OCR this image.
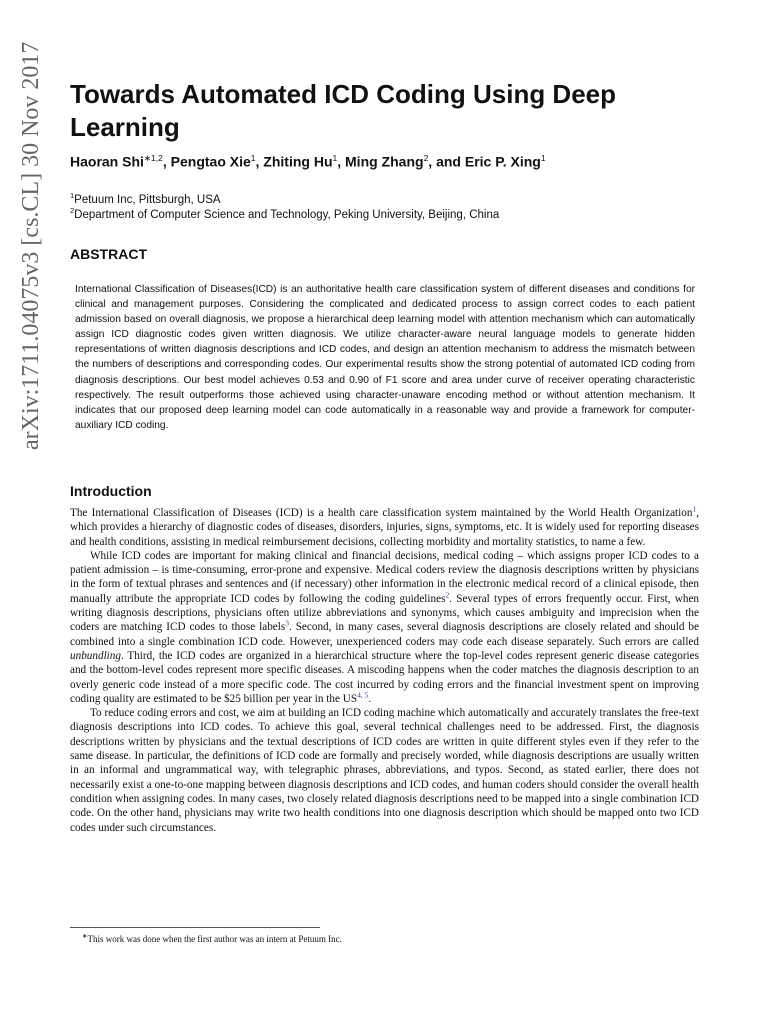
arXiv:1711.04075v3 [cs.CL] 30 Nov 2017 Towards Automated ICD Coding Using Deep Learning
Haoran Shi$^{∗1,2}$, Pengtao Xie$^1$, Zhiting Hu$^1$, Ming Zhang$^2$, and Eric P. Xing$^1$
$^1$Petuum Inc, Pittsburgh, USA
$^2$Department of Computer Science and Technology, Peking University, Beijing, China
ABSTRACT
International Classification of Diseases(ICD) is an authoritative health care classification system of different diseases and conditions for clinical and management purposes. Considering the complicated and dedicated process to assign correct codes to each patient admission based on overall diagnosis, we propose a hierarchical deep learning model with attention mechanism which can automatically assign ICD diagnostic codes given written diagnosis. We utilize character-aware neural language models to generate hidden representations of written diagnosis descriptions and ICD codes, and design an attention mechanism to address the mismatch between the numbers of descriptions and corresponding codes. Our experimental results show the strong potential of automated ICD coding from diagnosis descriptions. Our best model achieves 0.53 and 0.90 of F1 score and area under curve of receiver operating characteristic respectively. The result outperforms those achieved using character-unaware encoding method or without attention mechanism. It indicates that our proposed deep learning model can code automatically in a reasonable way and provide a framework for computer-auxiliary ICD coding.
Introduction

The International Classification of Diseases (ICD) is a health care classification system maintained by the World Health Organization$^1$, which provides a hierarchy of diagnostic codes of diseases, disorders, injuries, signs, symptoms, etc. It is widely used for reporting diseases and health conditions, assisting in medical reimbursement decisions, collecting morbidity and mortality statistics, to name a few.

While ICD codes are important for making clinical and financial decisions, medical coding – which assigns proper ICD codes to a patient admission – is time-consuming, error-prone and expensive. Medical coders review the diagnosis descriptions written by physicians in the form of textual phrases and sentences and (if necessary) other information in the electronic medical record of a clinical episode, then manually attribute the appropriate ICD codes by following the coding guidelines$^2$. Several types of errors frequently occur. First, when writing diagnosis descriptions, physicians often utilize abbreviations and synonyms, which causes ambiguity and imprecision when the coders are matching ICD codes to those labels$^3$. Second, in many cases, several diagnosis descriptions are closely related and should be combined into a single combination ICD code. However, unexperienced coders may code each disease separately. Such errors are called unbundling. Third, the ICD codes are organized in a hierarchical structure where the top-level codes represent generic disease categories and the bottom-level codes represent more specific diseases. A miscoding happens when the coder matches the diagnosis description to an overly generic code instead of a more specific code. The cost incurred by coding errors and the financial investment spent on improving coding quality are estimated to be $25 billion per year in the US$^{4, 5}$.

To reduce coding errors and cost, we aim at building an ICD coding machine which automatically and accurately translates the free-text diagnosis descriptions into ICD codes. To achieve this goal, several technical challenges need to be addressed. First, the diagnosis descriptions written by physicians and the textual descriptions of ICD codes are written in quite different styles even if they refer to the same disease. In particular, the definitions of ICD code are formally and precisely worded, while diagnosis descriptions are usually written in an informal and ungrammatical way, with telegraphic phrases, abbreviations, and typos. Second, as stated earlier, there does not necessarily exist a one-to-one mapping between diagnosis descriptions and ICD codes, and human coders should consider the overall health condition when assigning codes. In many cases, two closely related diagnosis descriptions need to be mapped into a single combination ICD code. On the other hand, physicians may write two health conditions into one diagnosis description which should be mapped onto two ICD codes under such circumstances.

∗This work was done when the first author was an intern at Petuum Inc.
